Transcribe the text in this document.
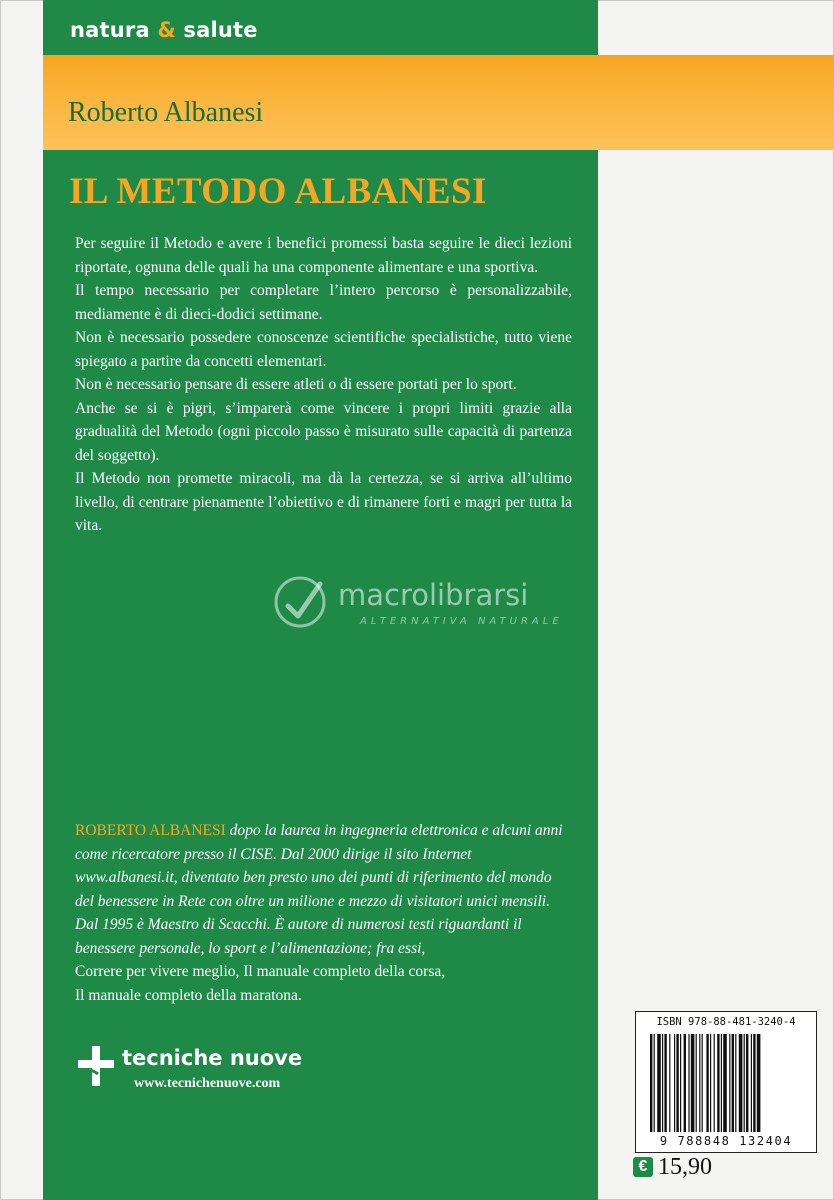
natura & salute
Roberto Albanesi
IL METODO ALBANESI

Per seguire il Metodo e avere i benefici promessi basta seguire le dieci lezioni riportate, ognuna delle quali ha una componente alimentare e una sportiva.

Il tempo necessario per completare l’intero percorso è personalizzabile, mediamente è di dieci-dodici settimane.

Non è necessario possedere conoscenze scientifiche specialistiche, tutto viene spiegato a partire da concetti elementari.

Non è necessario pensare di essere atleti o di essere portati per lo sport.

Anche se si è pigri, s’imparerà come vincere i propri limiti grazie alla gradualità del Metodo (ogni piccolo passo è misurato sulle capacità di partenza del soggetto).

Il Metodo non promette miracoli, ma dà la certezza, se si arriva all’ultimo livello, di centrare pienamente l’obiettivo e di rimanere forti e magri per tutta la vita.

macrolibrarsi
ALTERNATIVA NATURALE
ROBERTO ALBANESI dopo la laurea in ingegneria elettronica e alcuni anni come ricercatore presso il CISE. Dal 2000 dirige il sito Internet www.albanesi.it, diventato ben presto uno dei punti di riferimento del mondo del benessere in Rete con oltre un milione e mezzo di visitatori unici mensili. Dal 1995 è Maestro di Scacchi. È autore di numerosi testi riguardanti il benessere personale, lo sport e l’alimentazione; fra essi,
Correre per vivere meglio, Il manuale completo della corsa,
Il manuale completo della maratona.
tecniche nuove
www.tecnichenuove.com
ISBN 978-88-481-3240-4
9 788848 132404
€ 15,90
